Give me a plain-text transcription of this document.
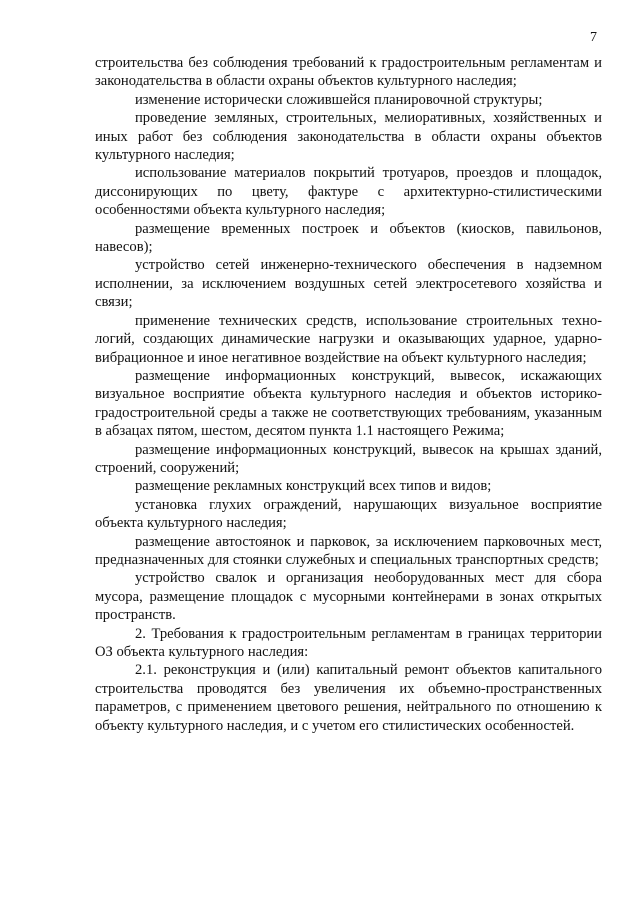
7

строительства без соблюдения требований к градостроительным регламентам и законодательства в области охраны объектов культурного наследия;

изменение исторически сложившейся планировочной структуры;

проведение земляных, строительных, мелиоративных, хозяйственных и иных работ без соблюдения законодательства в области охраны объектов культурного наследия;

использование материалов покрытий тротуаров, проездов и площадок, диссонирующих по цвету, фактуре с архитектурно-стилистическими особенностями объекта культурного наследия;

размещение временных построек и объектов (киосков, павильонов, навесов);

устройство сетей инженерно-технического обеспечения в надземном исполнении, за исключением воздушных сетей электросетевого хозяйства и связи;

применение технических средств, использование строительных технологий, создающих динамические нагрузки и оказывающих ударное, ударно-вибрационное и иное негативное воздействие на объект культурного наследия;

размещение информационных конструкций, вывесок, искажающих визуальное восприятие объекта культурного наследия и объектов историко-градостроительной среды а также не соответствующих требованиям, указанным в абзацах пятом, шестом, десятом пункта 1.1 настоящего Режима;

размещение информационных конструкций, вывесок на крышах зданий, строений, сооружений;

размещение рекламных конструкций всех типов и видов;

установка глухих ограждений, нарушающих визуальное восприятие объекта культурного наследия;

размещение автостоянок и парковок, за исключением парковочных мест, предназначенных для стоянки служебных и специальных транспортных средств;

устройство свалок и организация необорудованных мест для сбора мусора, размещение площадок с мусорными контейнерами в зонах открытых пространств.

2. Требования к градостроительным регламентам в границах территории ОЗ объекта культурного наследия:

2.1. реконструкция и (или) капитальный ремонт объектов капитального строительства проводятся без увеличения их объемно-пространственных параметров, с применением цветового решения, нейтрального по отношению к объекту культурного наследия, и с учетом его стилистических особенностей.
